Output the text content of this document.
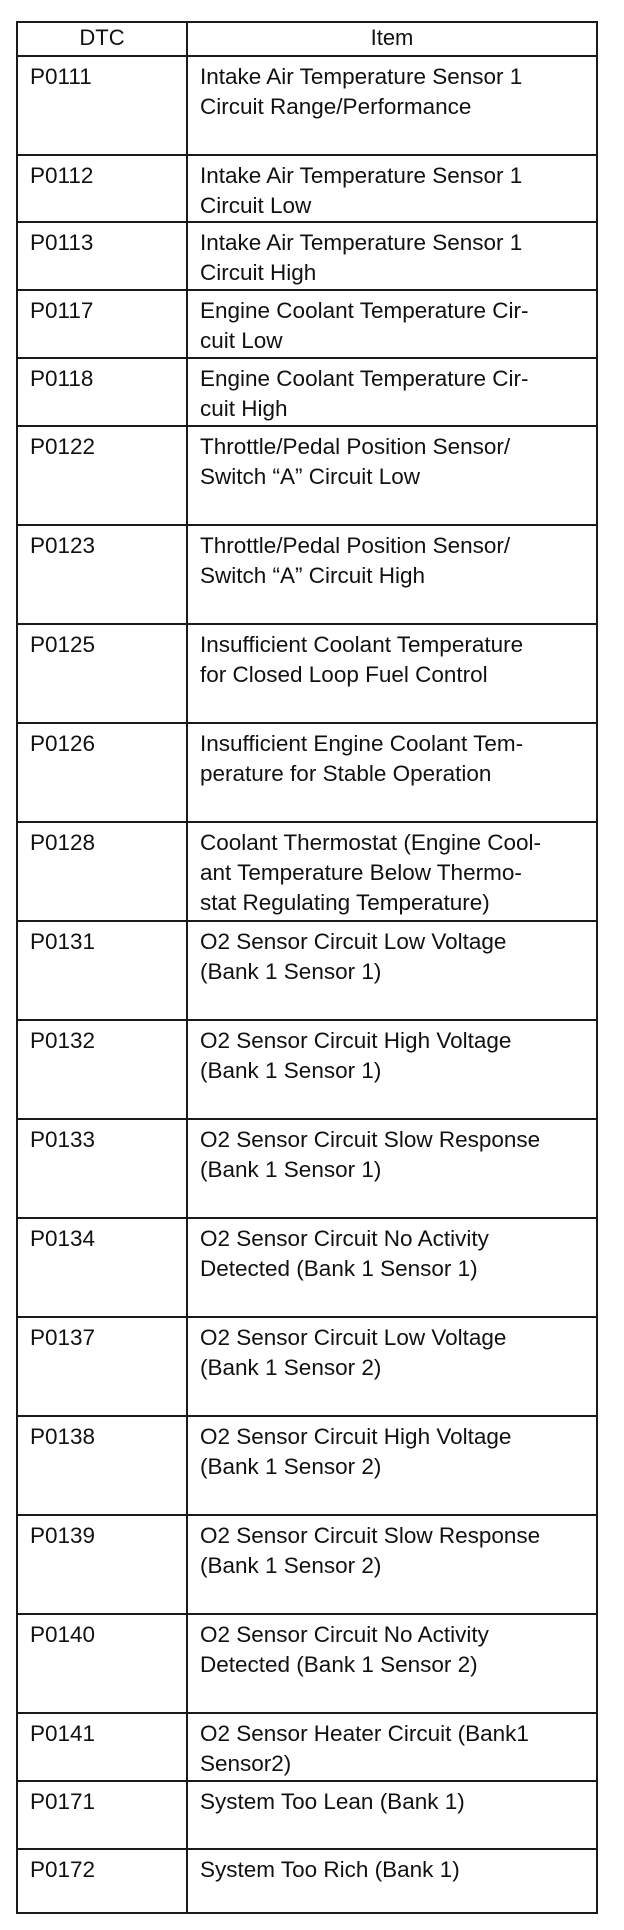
DTC	Item
P0111	Intake Air Temperature Sensor 1
Circuit Range/Performance
P0112	Intake Air Temperature Sensor 1
Circuit Low
P0113	Intake Air Temperature Sensor 1
Circuit High
P0117	Engine Coolant Temperature Cir-
cuit Low
P0118	Engine Coolant Temperature Cir-
cuit High
P0122	Throttle/Pedal Position Sensor/
Switch “A” Circuit Low
P0123	Throttle/Pedal Position Sensor/
Switch “A” Circuit High
P0125	Insufficient Coolant Temperature
for Closed Loop Fuel Control
P0126	Insufficient Engine Coolant Tem-
perature for Stable Operation
P0128	Coolant Thermostat (Engine Cool-
ant Temperature Below Thermo-
stat Regulating Temperature)
P0131	O2 Sensor Circuit Low Voltage
(Bank 1 Sensor 1)
P0132	O2 Sensor Circuit High Voltage
(Bank 1 Sensor 1)
P0133	O2 Sensor Circuit Slow Response
(Bank 1 Sensor 1)
P0134	O2 Sensor Circuit No Activity
Detected (Bank 1 Sensor 1)
P0137	O2 Sensor Circuit Low Voltage
(Bank 1 Sensor 2)
P0138	O2 Sensor Circuit High Voltage
(Bank 1 Sensor 2)
P0139	O2 Sensor Circuit Slow Response
(Bank 1 Sensor 2)
P0140	O2 Sensor Circuit No Activity
Detected (Bank 1 Sensor 2)
P0141	O2 Sensor Heater Circuit (Bank1
Sensor2)
P0171	System Too Lean (Bank 1)
P0172	System Too Rich (Bank 1)
